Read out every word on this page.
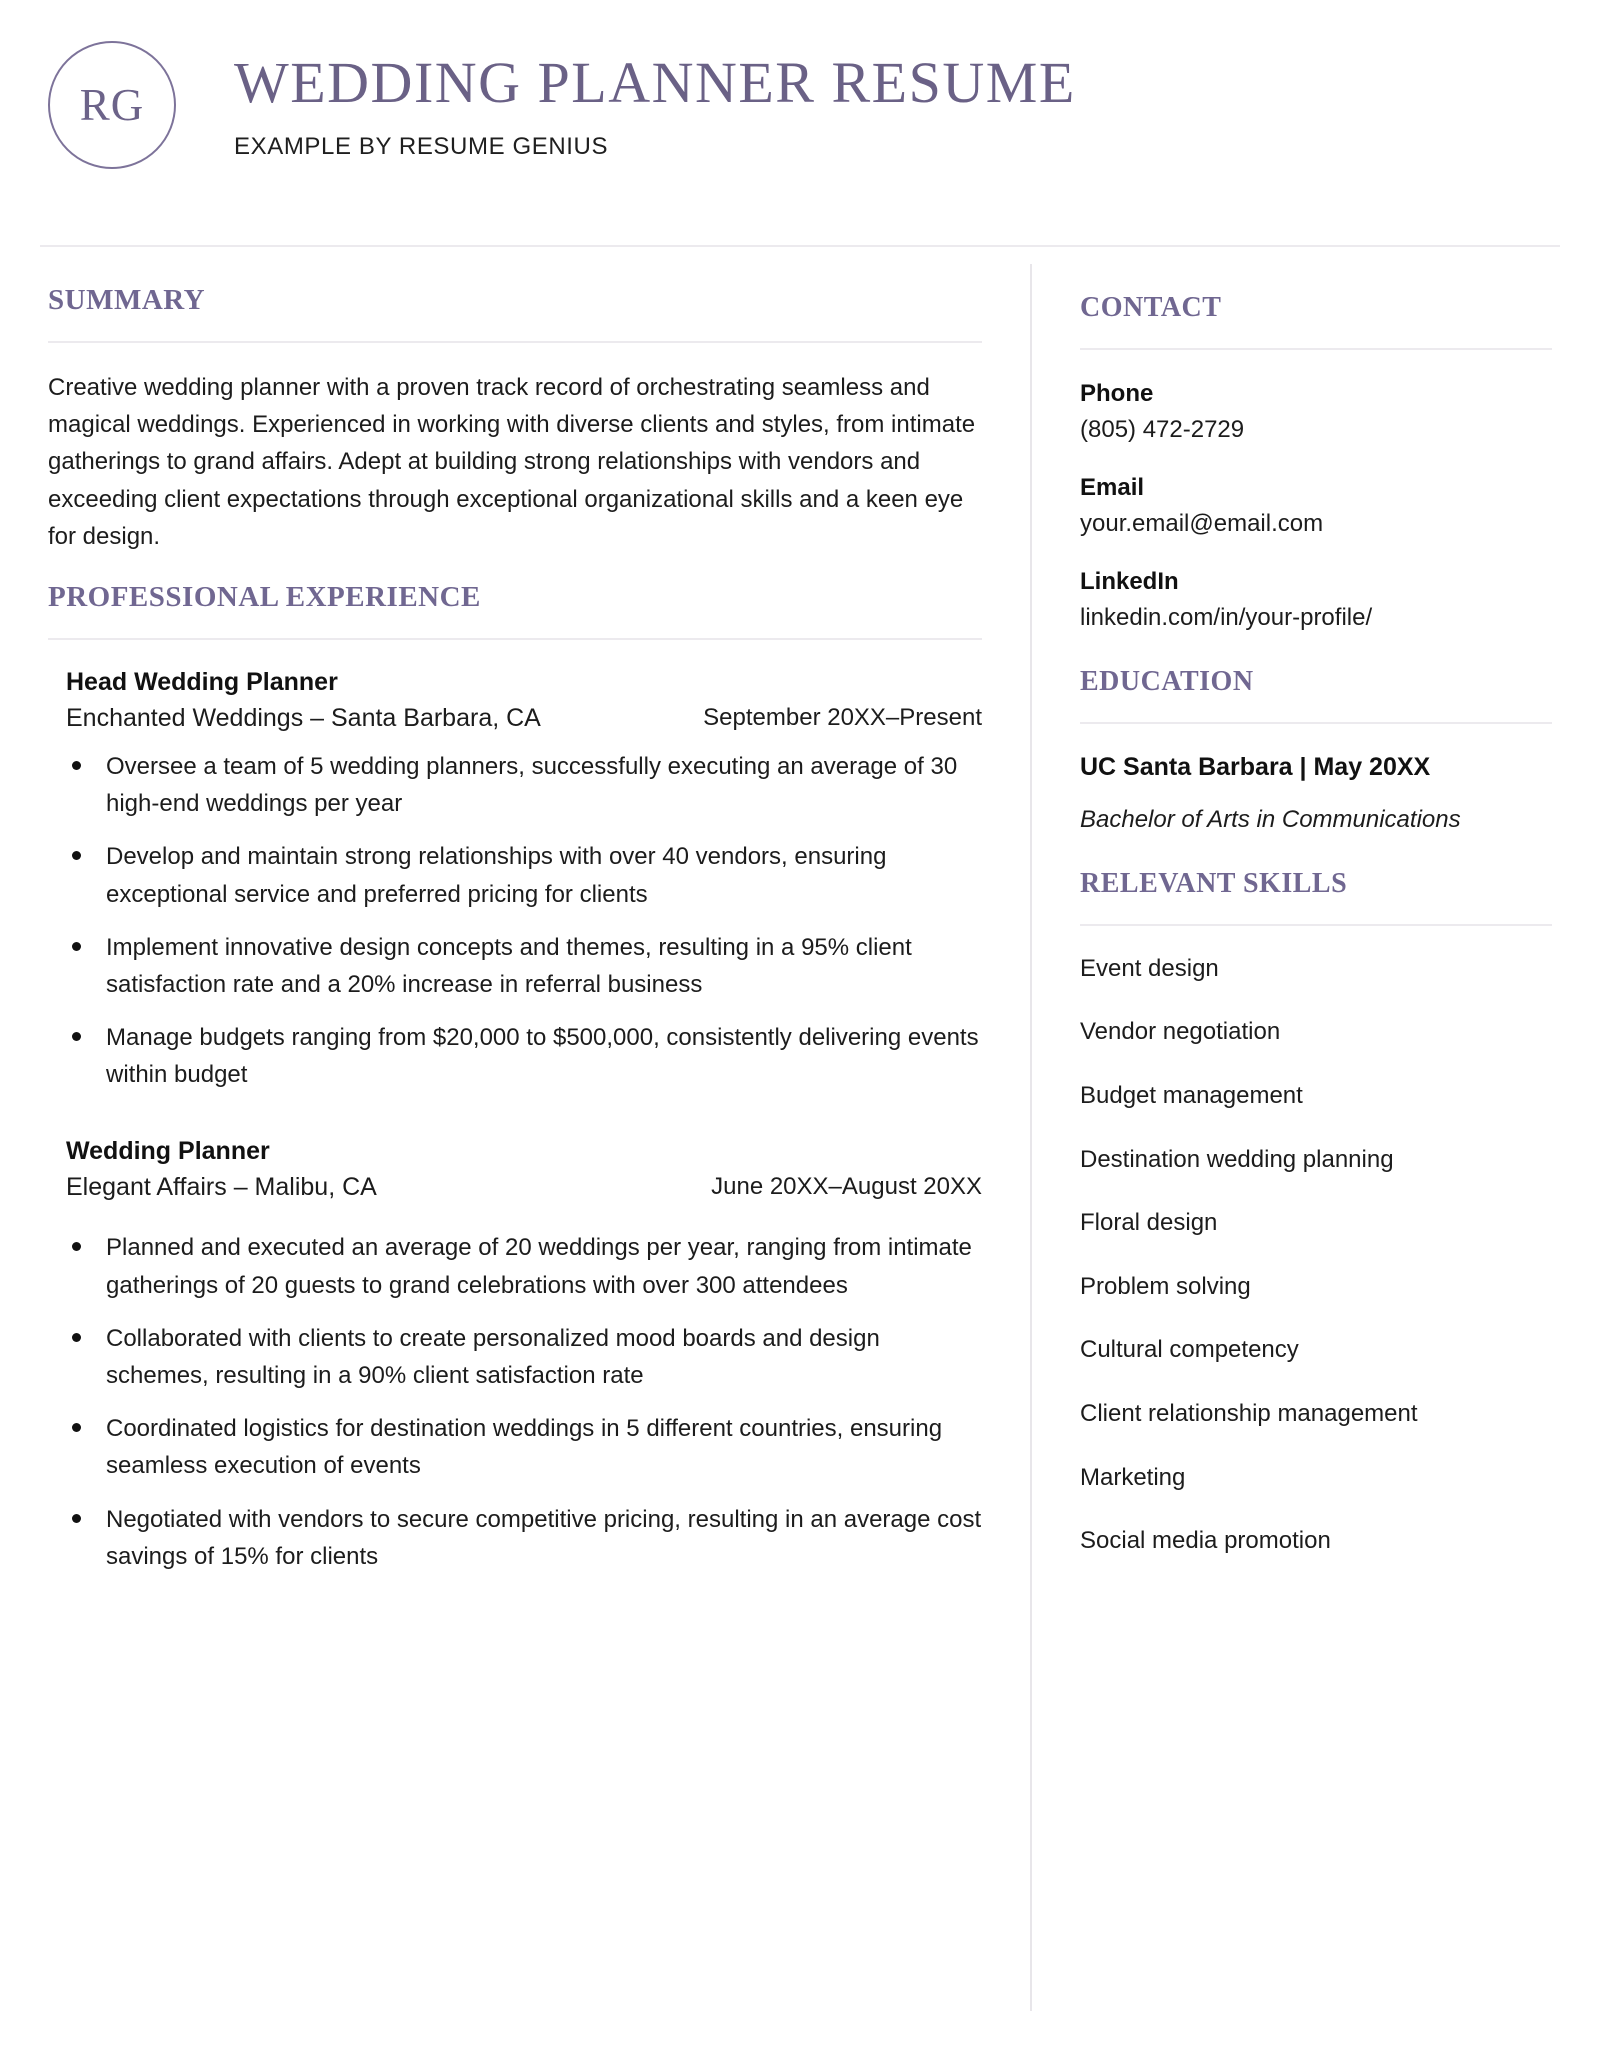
RG WEDDING PLANNER RESUME
EXAMPLE BY RESUME GENIUS
SUMMARY
Creative wedding planner with a proven track record of orchestrating seamless and magical weddings. Experienced in working with diverse clients and styles, from intimate gatherings to grand affairs. Adept at building strong relationships with vendors and exceeding client expectations through exceptional organizational skills and a keen eye for design.
PROFESSIONAL EXPERIENCE
Head Wedding Planner
Enchanted Weddings – Santa Barbara, CA	September 20XX–Present
Oversee a team of 5 wedding planners, successfully executing an average of 30 high-end weddings per year
Develop and maintain strong relationships with over 40 vendors, ensuring exceptional service and preferred pricing for clients
Implement innovative design concepts and themes, resulting in a 95% client satisfaction rate and a 20% increase in referral business
Manage budgets ranging from $20,000 to $500,000, consistently delivering events within budget
Wedding Planner
Elegant Affairs – Malibu, CA	June 20XX–August 20XX
Planned and executed an average of 20 weddings per year, ranging from intimate gatherings of 20 guests to grand celebrations with over 300 attendees
Collaborated with clients to create personalized mood boards and design schemes, resulting in a 90% client satisfaction rate
Coordinated logistics for destination weddings in 5 different countries, ensuring seamless execution of events
Negotiated with vendors to secure competitive pricing, resulting in an average cost savings of 15% for clients
CONTACT
Phone
(805) 472-2729
Email
your.email@email.com
LinkedIn
linkedin.com/in/your-profile/
EDUCATION
UC Santa Barbara | May 20XX
Bachelor of Arts in Communications
RELEVANT SKILLS
Event design
Vendor negotiation
Budget management
Destination wedding planning
Floral design
Problem solving
Cultural competency
Client relationship management
Marketing
Social media promotion
